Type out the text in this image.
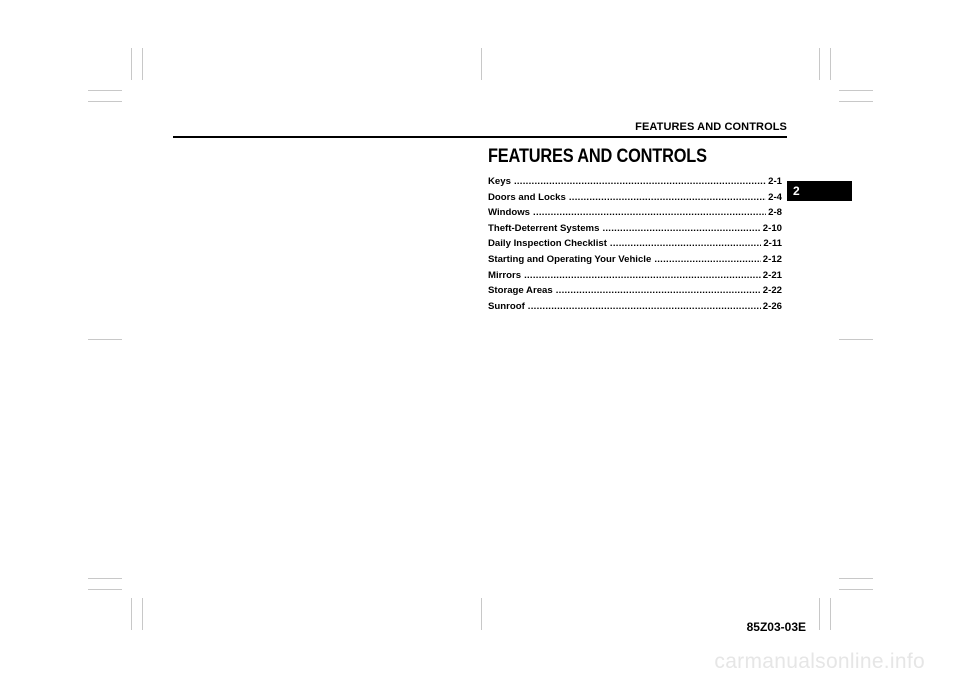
FEATURES AND CONTROLS
2
FEATURES AND CONTROLS
Keys . . .	2-1
Doors and Locks . . .	2-4
Windows . . .	2-8
Theft-Deterrent Systems . . .	2-10
Daily Inspection Checklist . . .	2-11
Starting and Operating Your Vehicle . . .	2-12
Mirrors . . .	2-21
Storage Areas . . .	2-22
Sunroof . . .	2-26
85Z03-03E
carmanualsonline.info
